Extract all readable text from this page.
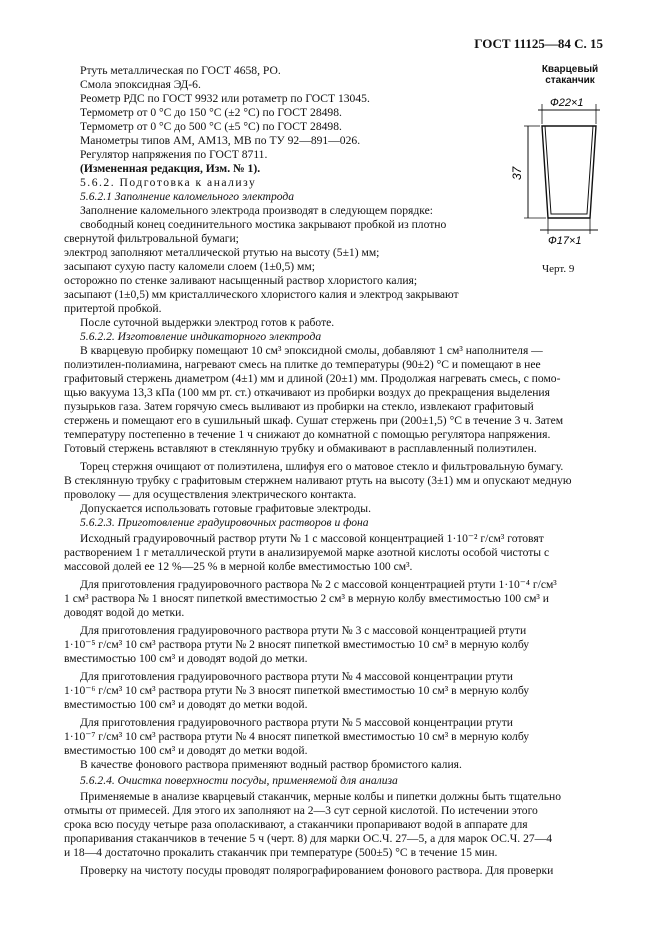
ГОСТ 11125—84 С. 15
Кварцевый
стаканчик
Ф22×1
37
Ф17×1
Черт. 9
Ртуть металлическая по ГОСТ 4658, РО.
Смола эпоксидная ЭД-6.
Реометр РДС по ГОСТ 9932 или ротаметр по ГОСТ 13045.
Термометр от 0 °С до 150 °С (±2 °С) по ГОСТ 28498.
Термометр от 0 °С до 500 °С (±5 °С) по ГОСТ 28498.
Манометры типов АМ, АМ13, МВ по ТУ 92—891—026.
Регулятор напряжения по ГОСТ 8711.
(Измененная редакция, Изм. № 1).
5.6.2. Подготовка к анализу
5.6.2.1 Заполнение каломельного электрода
Заполнение каломельного электрода производят в следующем порядке:
свободный конец соединительного мостика закрывают пробкой из плотно
свернутой фильтровальной бумаги;
электрод заполняют металлической ртутью на высоту (5±1) мм;
засыпают сухую пасту каломели слоем (1±0,5) мм;
осторожно по стенке заливают насыщенный раствор хлористого калия;
засыпают (1±0,5) мм кристаллического хлористого калия и электрод закрывают
притертой пробкой.
После суточной выдержки электрод готов к работе.
5.6.2.2. Изготовление индикаторного электрода
В кварцевую пробирку помещают 10 см³ эпоксидной смолы, добавляют 1 см³ наполнителя —
полиэтилен-полиамина, нагревают смесь на плитке до температуры (90±2) °С и помещают в нее
графитовый стержень диаметром (4±1) мм и длиной (20±1) мм. Продолжая нагревать смесь, с помо-
щью вакуума 13,3 кПа (100 мм рт. ст.) откачивают из пробирки воздух до прекращения выделения
пузырьков газа. Затем горячую смесь выливают из пробирки на стекло, извлекают графитовый
стержень и помещают его в сушильный шкаф. Сушат стержень при (200±1,5) °С в течение 3 ч. Затем
температуру постепенно в течение 1 ч снижают до комнатной с помощью регулятора напряжения.
Готовый стержень вставляют в стеклянную трубку и обмакивают в расплавленный полиэтилен.
Торец стержня очищают от полиэтилена, шлифуя его о матовое стекло и фильтровальную бумагу.
В стеклянную трубку с графитовым стержнем наливают ртуть на высоту (3±1) мм и опускают медную
проволоку — для осуществления электрического контакта.
Допускается использовать готовые графитовые электроды.
5.6.2.3. Приготовление градуировочных растворов и фона
Исходный градуировочный раствор ртути № 1 с массовой концентрацией 1·10⁻² г/см³ готовят
растворением 1 г металлической ртути в анализируемой марке азотной кислоты особой чистоты с
массовой долей ее 12 %—25 % в мерной колбе вместимостью 100 см³.
Для приготовления градуировочного раствора № 2 с массовой концентрацией ртути 1·10⁻⁴ г/см³
1 см³ раствора № 1 вносят пипеткой вместимостью 2 см³ в мерную колбу вместимостью 100 см³ и
доводят водой до метки.
Для приготовления градуировочного раствора ртути № 3 с массовой концентрацией ртути
1·10⁻⁵ г/см³ 10 см³ раствора ртути № 2 вносят пипеткой вместимостью 10 см³ в мерную колбу
вместимостью 100 см³ и доводят водой до метки.
Для приготовления градуировочного раствора ртути № 4 массовой концентрации ртути
1·10⁻⁶ г/см³ 10 см³ раствора ртути № 3 вносят пипеткой вместимостью 10 см³ в мерную колбу
вместимостью 100 см³ и доводят до метки водой.
Для приготовления градуировочного раствора ртути № 5 массовой концентрации ртути
1·10⁻⁷ г/см³ 10 см³ раствора ртути № 4 вносят пипеткой вместимостью 10 см³ в мерную колбу
вместимостью 100 см³ и доводят до метки водой.
В качестве фонового раствора применяют водный раствор бромистого калия.
5.6.2.4. Очистка поверхности посуды, применяемой для анализа
Применяемые в анализе кварцевый стаканчик, мерные колбы и пипетки должны быть тщательно
отмыты от примесей. Для этого их заполняют на 2—3 сут серной кислотой. По истечении этого
срока всю посуду четыре раза ополаскивают, а стаканчики пропаривают водой в аппарате для
пропаривания стаканчиков в течение 5 ч (черт. 8) для марки ОС.Ч. 27—5, а для марок ОС.Ч. 27—4
и 18—4 достаточно прокалить стаканчик при температуре (500±5) °С в течение 15 мин.
Проверку на чистоту посуды проводят полярографированием фонового раствора. Для проверки
